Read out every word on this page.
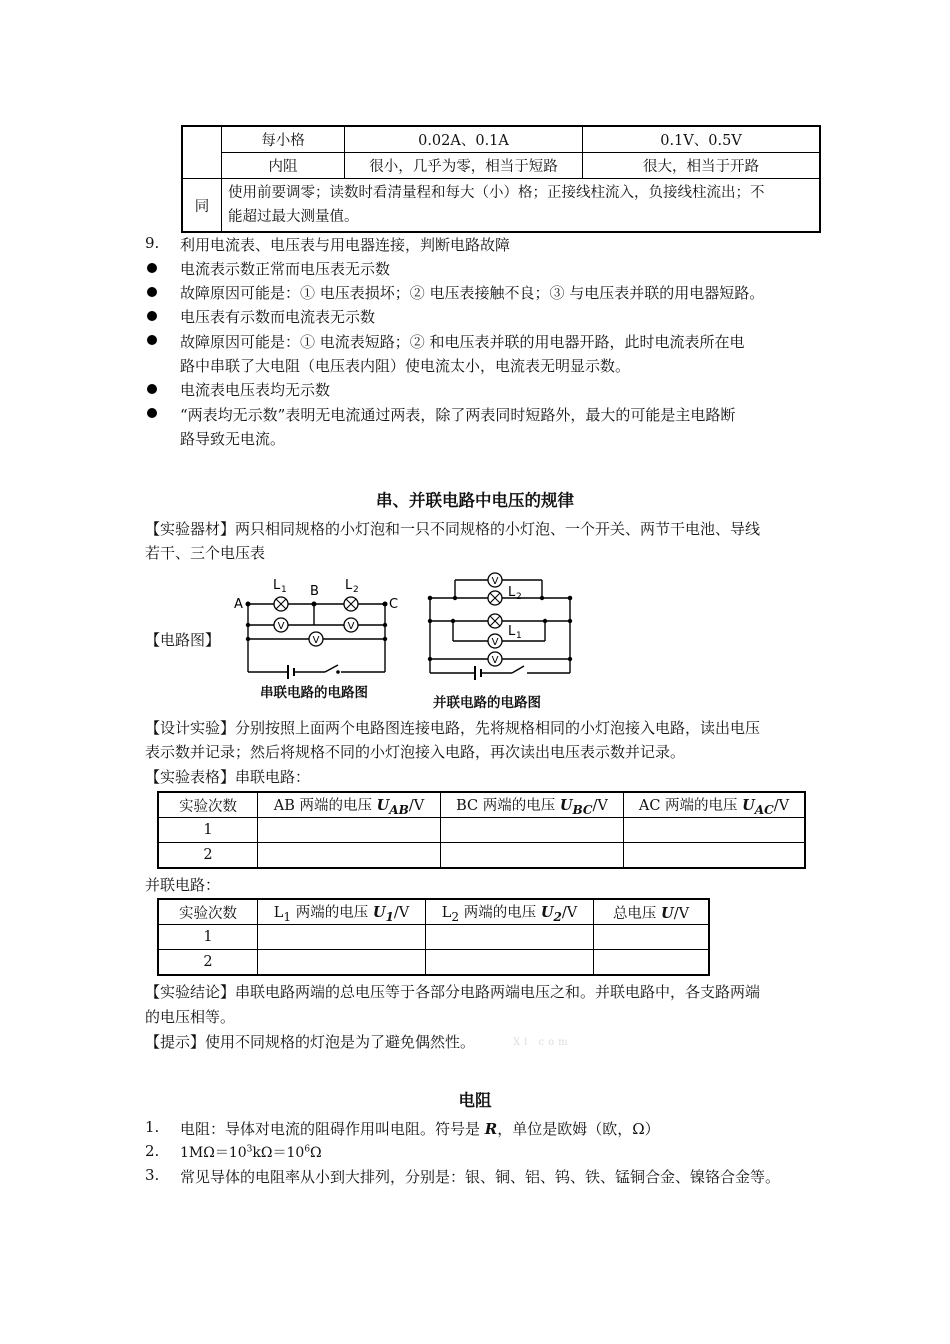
	每小格	0.02A、0.1A	0.1V、0.5V
	内阻	很小，几乎为零，相当于短路	很大，相当于开路
同	使用前要调零；读数时看清量程和每大（小）格；正接线柱流入，负接线柱流出；不
能超过最大测量值。		
9.	利用电流表、电压表与用电器连接，判断电路故障
电流表示数正常而电压表无示数
故障原因可能是：① 电压表损坏；② 电压表接触不良；③ 与电压表并联的用电器短路。
电压表有示数而电流表无示数
故障原因可能是：① 电流表短路；② 和电压表并联的用电器开路，此时电流表所在电
路中串联了大电阻（电压表内阻）使电流太小，电流表无明显示数。
电流表电压表均无示数
“两表均无示数”表明无电流通过两表，除了两表同时短路外，最大的可能是主电路断
路导致无电流。
串、并联电路中电压的规律
【实验器材】两只相同规格的小灯泡和一只不同规格的小灯泡、一个开关、两节干电池、导线
若干、三个电压表
【电路图】
V	V
V
A
B
C
L 1	L 2
串联电路的电路图
V
V
V
L 2
L 1
并联电路的电路图
【设计实验】分别按照上面两个电路图连接电路，先将规格相同的小灯泡接入电路，读出电压
表示数并记录；然后将规格不同的小灯泡接入电路，再次读出电压表示数并记录。
【实验表格】串联电路：
实验次数	AB 两端的电压 $U_{AB}/V$	BC 两端的电压 $U_{BC}/V$	AC 两端的电压 $U_{AC}/V$
1			
2			
并联电路：
实验次数	$L_1$ 两端的电压 $U_1/V$	$L_2$ 两端的电压 $U_2/V$	总电压 U/V
1			
2			
【实验结论】串联电路两端的总电压等于各部分电路两端电压之和。并联电路中，各支路两端
的电压相等。
【提示】使用不同规格的灯泡是为了避免偶然性。	Xl com
电阻
1.	电阻：导体对电流的阻碍作用叫电阻。符号是 R，单位是欧姆（欧，Ω）
2.	$1M\Omega=10^3k\Omega=10^6\Omega$
3.	常见导体的电阻率从小到大排列，分别是：银、铜、铝、钨、铁、锰铜合金、镍铬合金等。
